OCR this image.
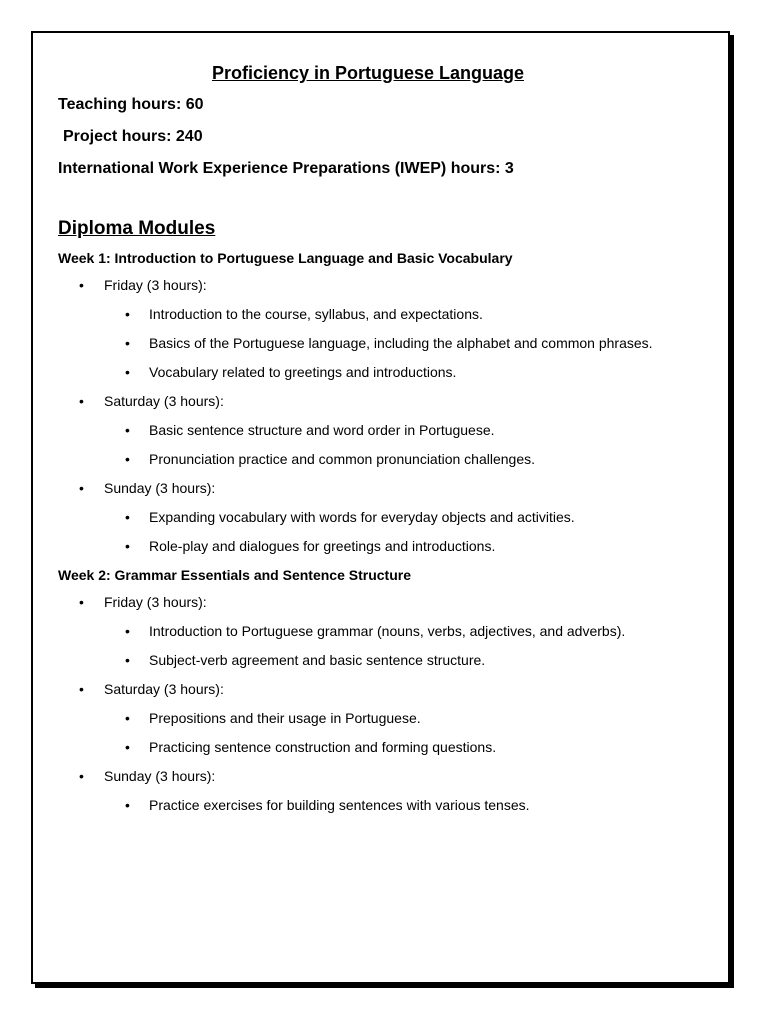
Proficiency in Portuguese Language
Teaching hours: 60
Project hours: 240
International Work Experience Preparations (IWEP) hours: 3
Diploma Modules
Week 1: Introduction to Portuguese Language and Basic Vocabulary
• Friday (3 hours):
• Introduction to the course, syllabus, and expectations.
• Basics of the Portuguese language, including the alphabet and common phrases.
• Vocabulary related to greetings and introductions.
• Saturday (3 hours):
• Basic sentence structure and word order in Portuguese.
• Pronunciation practice and common pronunciation challenges.
• Sunday (3 hours):
• Expanding vocabulary with words for everyday objects and activities.
• Role-play and dialogues for greetings and introductions.
Week 2: Grammar Essentials and Sentence Structure
• Friday (3 hours):
• Introduction to Portuguese grammar (nouns, verbs, adjectives, and adverbs).
• Subject-verb agreement and basic sentence structure.
• Saturday (3 hours):
• Prepositions and their usage in Portuguese.
• Practicing sentence construction and forming questions.
• Sunday (3 hours):
• Practice exercises for building sentences with various tenses.
